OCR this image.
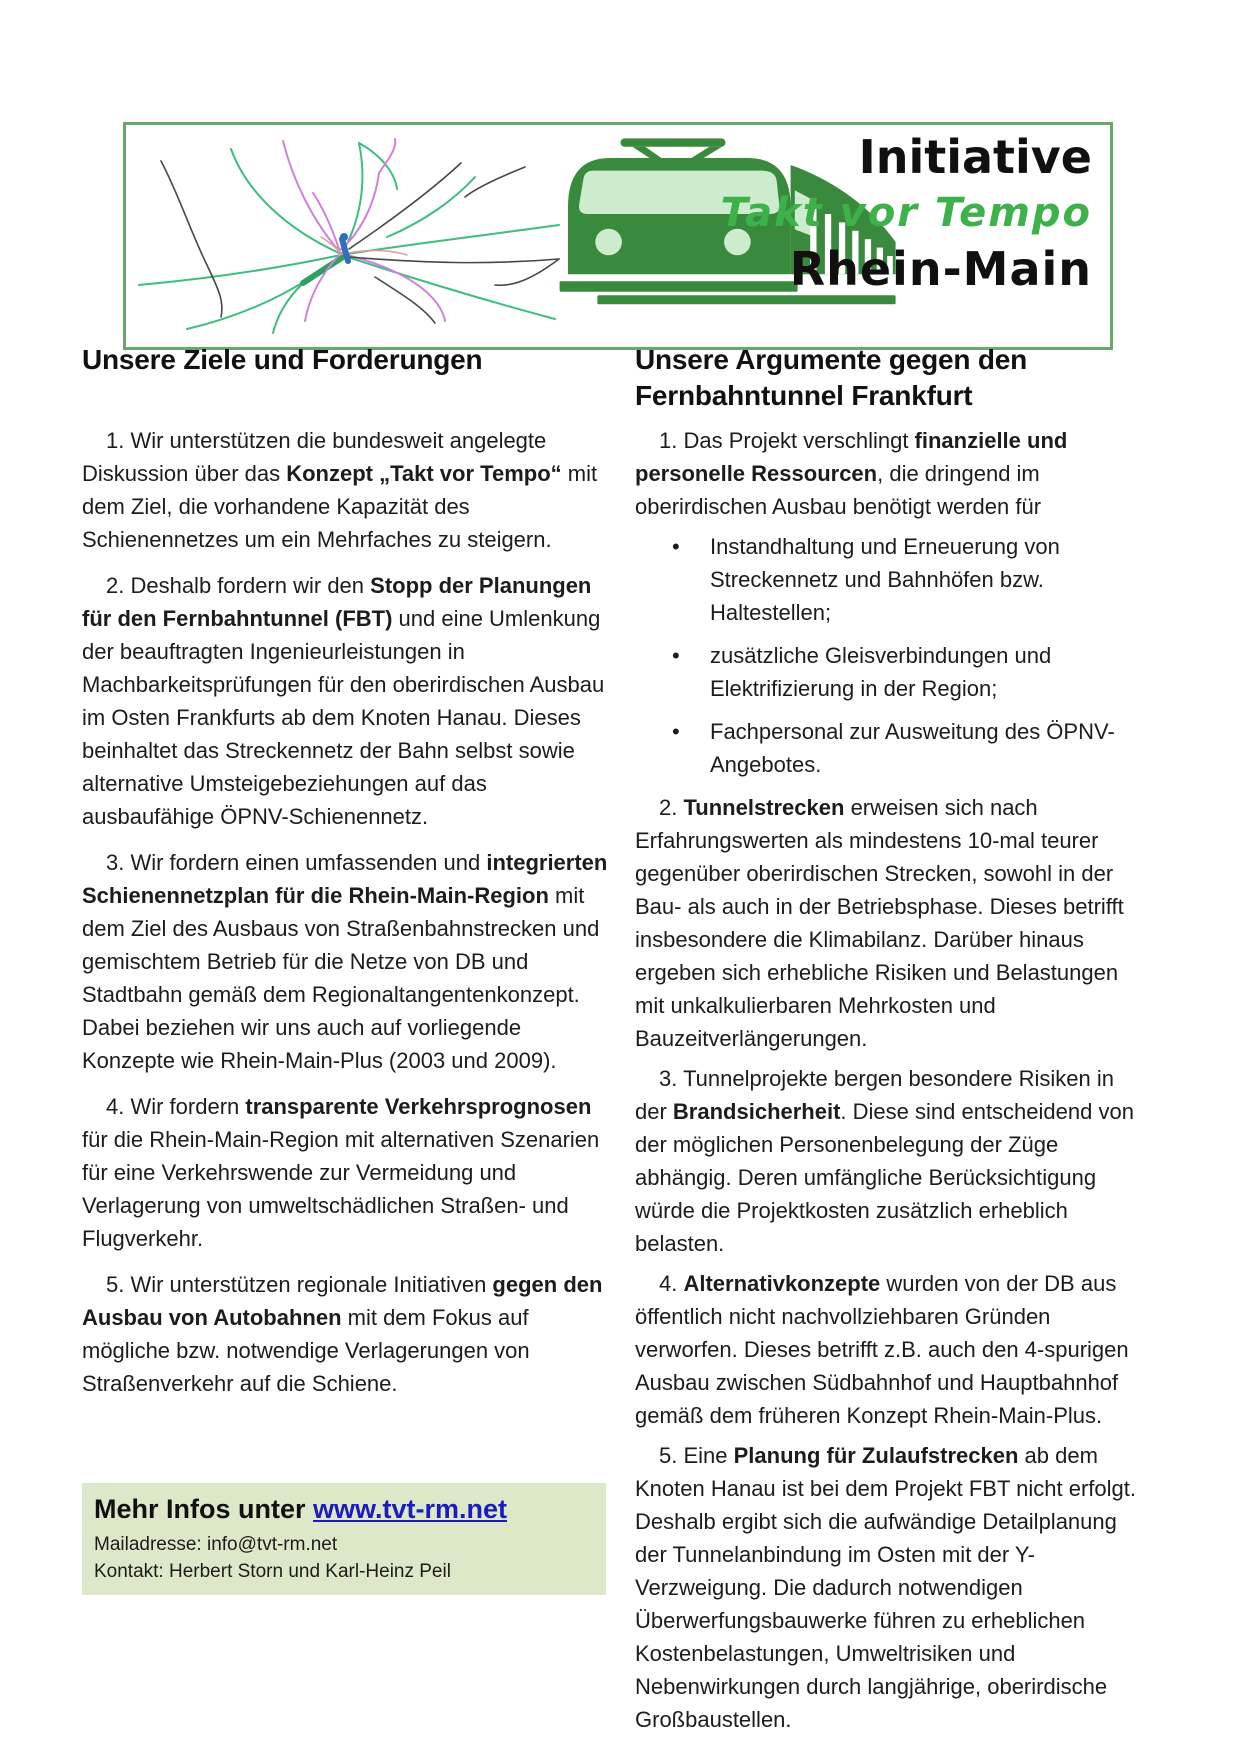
Initiative
Takt vor Tempo
Rhein-Main
Unsere Ziele und Forderungen

1. Wir unterstützen die bundesweit angelegte Diskussion über das Konzept „Takt vor Tempo“ mit dem Ziel, die vorhandene Kapazität des Schienennetzes um ein Mehrfaches zu steigern.

2. Deshalb fordern wir den Stopp der Planungen für den Fernbahntunnel (FBT) und eine Umlenkung der beauftragten Ingenieurleistungen in Machbarkeitsprüfungen für den oberirdischen Ausbau im Osten Frankfurts ab dem Knoten Hanau. Dieses beinhaltet das Streckennetz der Bahn selbst sowie alternative Umsteigebeziehungen auf das ausbaufähige ÖPNV-Schienennetz.

3. Wir fordern einen umfassenden und integrierten Schienennetzplan für die Rhein-Main-Region mit dem Ziel des Ausbaus von Straßenbahnstrecken und gemischtem Betrieb für die Netze von DB und Stadtbahn gemäß dem Regionaltangentenkonzept. Dabei beziehen wir uns auch auf vorliegende Konzepte wie Rhein-Main-Plus (2003 und 2009).

4. Wir fordern transparente Verkehrsprognosen für die Rhein-Main-Region mit alternativen Szenarien für eine Verkehrswende zur Vermeidung und Verlagerung von umweltschädlichen Straßen- und Flugverkehr.

5. Wir unterstützen regionale Initiativen gegen den Ausbau von Autobahnen mit dem Fokus auf mögliche bzw. notwendige Verlagerungen von Straßenverkehr auf die Schiene.

Unsere Argumente gegen den Fernbahntunnel Frankfurt

1. Das Projekt verschlingt finanzielle und personelle Ressourcen, die dringend im oberirdischen Ausbau benötigt werden für

• Instandhaltung und Erneuerung von Streckennetz und Bahnhöfen bzw. Haltestellen;
• zusätzliche Gleisverbindungen und Elektrifizierung in der Region;
• Fachpersonal zur Ausweitung des ÖPNV-Angebotes.

2. Tunnelstrecken erweisen sich nach Erfahrungswerten als mindestens 10-mal teurer gegenüber oberirdischen Strecken, sowohl in der Bau- als auch in der Betriebsphase. Dieses betrifft insbesondere die Klimabilanz. Darüber hinaus ergeben sich erhebliche Risiken und Belastungen mit unkalkulierbaren Mehrkosten und Bauzeitverlängerungen.

3. Tunnelprojekte bergen besondere Risiken in der Brandsicherheit. Diese sind entscheidend von der möglichen Personenbelegung der Züge abhängig. Deren umfängliche Berücksichtigung würde die Projektkosten zusätzlich erheblich belasten.

4. Alternativkonzepte wurden von der DB aus öffentlich nicht nachvollziehbaren Gründen verworfen. Dieses betrifft z.B. auch den 4-spurigen Ausbau zwischen Südbahnhof und Hauptbahnhof gemäß dem früheren Konzept Rhein-Main-Plus.

5. Eine Planung für Zulaufstrecken ab dem Knoten Hanau ist bei dem Projekt FBT nicht erfolgt. Deshalb ergibt sich die aufwändige Detailplanung der Tunnelanbindung im Osten mit der Y-Verzweigung. Die dadurch notwendigen Überwerfungsbauwerke führen zu erheblichen Kostenbelastungen, Umweltrisiken und Nebenwirkungen durch langjährige, oberirdische Großbaustellen.

Mehr Infos unter www.tvt-rm.net
Mailadresse: info@tvt-rm.net
Kontakt: Herbert Storn und Karl-Heinz Peil
